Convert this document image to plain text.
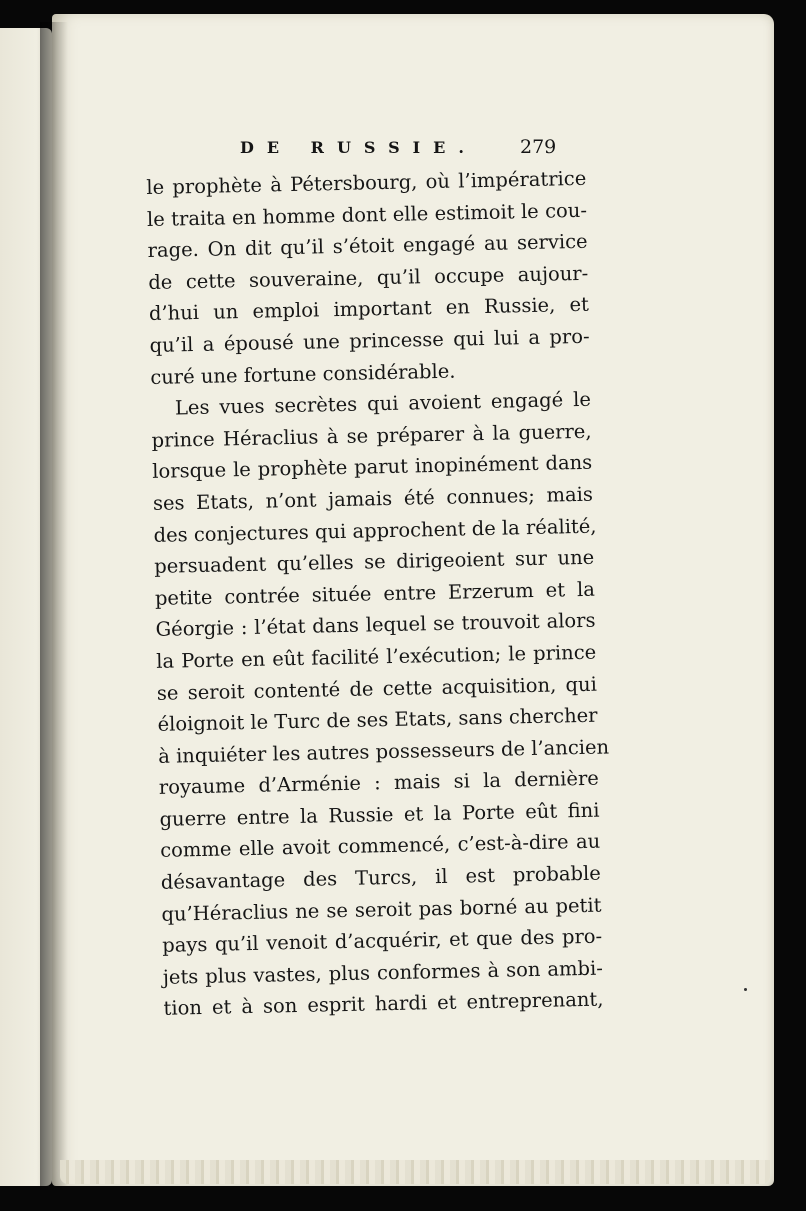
DE RUSSIE. 279
le prophète à Pétersbourg, où l’impératrice
le traita en homme dont elle estimoit le cou-
rage. On dit qu’il s’étoit engagé au service
de cette souveraine, qu’il occupe aujour-
d’hui un emploi important en Russie, et
qu’il a épousé une princesse qui lui a pro-
curé une fortune considérable.
Les vues secrètes qui avoient engagé le
prince Héraclius à se préparer à la guerre,
lorsque le prophète parut inopinément dans
ses Etats, n’ont jamais été connues; mais
des conjectures qui approchent de la réalité,
persuadent qu’elles se dirigeoient sur une
petite contrée située entre Erzerum et la
Géorgie : l’état dans lequel se trouvoit alors
la Porte en eût facilité l’exécution; le prince
se seroit contenté de cette acquisition, qui
éloignoit le Turc de ses Etats, sans chercher
à inquiéter les autres possesseurs de l’ancien
royaume d’Arménie : mais si la dernière
guerre entre la Russie et la Porte eût fini
comme elle avoit commencé, c’est-à-dire au
désavantage des Turcs, il est probable
qu’Héraclius ne se seroit pas borné au petit
pays qu’il venoit d’acquérir, et que des pro-
jets plus vastes, plus conformes à son ambi-
tion et à son esprit hardi et entreprenant,
